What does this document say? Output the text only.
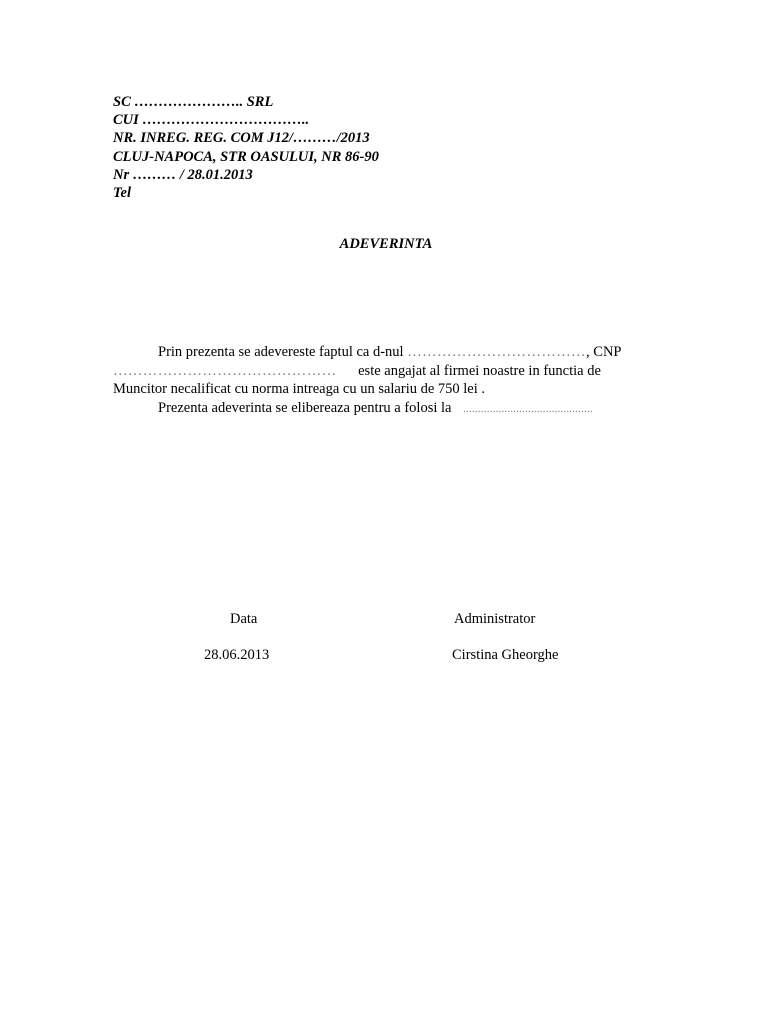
SC ………………….. SRL
CUI ……………………………..
NR. INREG. REG. COM J12/………/2013
CLUJ-NAPOCA, STR OASULUI, NR 86-90
Nr ……… / 28.01.2013
Tel
ADEVERINTA
Prin prezenta se adevereste faptul ca d-nul ………………………………, CNP
……………………………………… este angajat al firmei noastre in functia de
Muncitor necalificat cu norma intreaga cu un salariu de 750 lei .
Prezenta adeverinta se elibereaza pentru a folosi la ............................................
Data
28.06.2013
Administrator
Cirstina Gheorghe
